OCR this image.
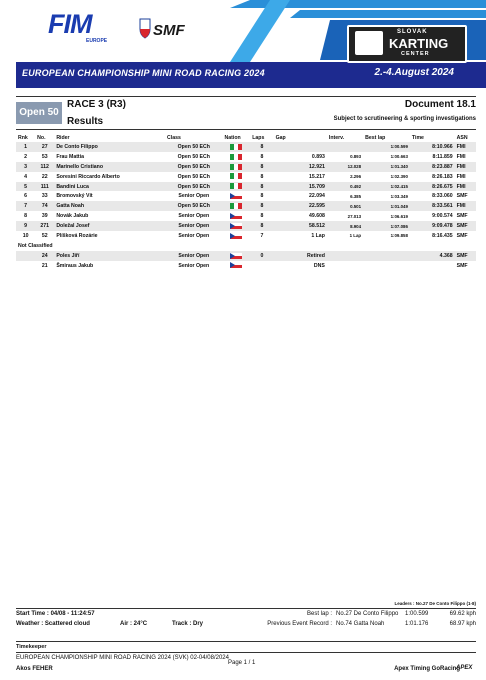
EUROPEAN CHAMPIONSHIP MINI ROAD RACING 2024	2.-4.August 2024
FIM
EUROPE
SMF	SLOVAK
KARTING
CENTER
Open 50
RACE 3 (R3)
Results
Document 18.1
Subject to scrutineering & sporting investigations
Rnk	No.	Rider	Class	Nation	Laps	Gap	Interv.	Best lap	Time	ASN
1	27	De Conto Filippo	Open 50 ECh		8			1:00.599	8:10.966	FMI
2	53	Frau Mattia	Open 50 ECh		8	0.893	0.893	1:00.663	8:11.859	FMI
3	112	Marinello Cristiano	Open 50 ECh		8	12.921	12.028	1:01.340	8:23.887	FMI
4	22	Soresini Riccardo Alberto	Open 50 ECh		8	15.217	2.296	1:02.390	8:26.183	FMI
5	111	Bandini Luca	Open 50 ECh		8	15.709	0.492	1:02.415	8:26.675	FMI
6	33	Bromovský Vít	Senior Open		8	22.094	6.385	1:03.349	8:33.060	SMF
7	74	Gatta Noah	Open 50 ECh		8	22.595	0.501	1:01.049	8:33.561	FMI
8	39	Novák Jakub	Senior Open		8	49.608	27.013	1:06.619	9:00.574	SMF
9	271	Doležal Josef	Senior Open		8	58.512	8.904	1:07.086	9:09.478	SMF
10	52	Plíšková Rozárie	Senior Open		7	1 Lap	1 Lap	1:09.858	8:16.435	SMF
Not Classified										
	24	Poles Jiří	Senior Open		0	Retired			4.368	SMF
	21	Šmiraus Jakub	Senior Open			DNS				SMF
Leaders : No.27 De Conto Filippo (1-8)
Start Time : 04/08 - 11:24:57	Best lap : No.27 De Conto Filippo	1:00.599	69.62 kph
Weather : Scattered cloud	Air : 24°C	Track : Dry	Previous Event Record : No.74 Gatta Noah	1:01.176	68.97 kph
Timekeeper
EUROPEAN CHAMPIONSHIP MINI ROAD RACING 2024 (SVK) 02-04/08/2024
Page 1 / 1
Akos FEHER	Apex Timing GoRacing
APEX
